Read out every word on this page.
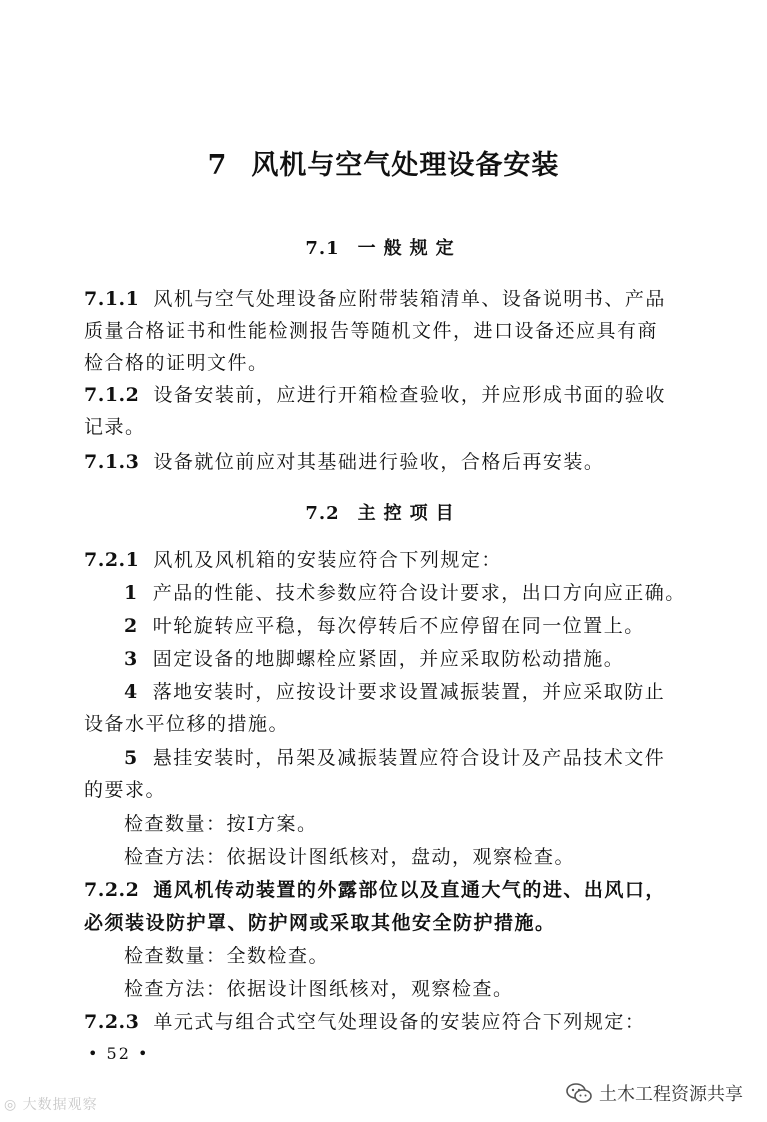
7 风机与空气处理设备安装
7.1 一般规定
7.1.1 风机与空气处理设备应附带装箱清单、设备说明书、产品
质量合格证书和性能检测报告等随机文件，进口设备还应具有商
检合格的证明文件。
7.1.2 设备安装前，应进行开箱检查验收，并应形成书面的验收
记录。
7.1.3 设备就位前应对其基础进行验收，合格后再安装。
7.2 主控项目
7.2.1 风机及风机箱的安装应符合下列规定：
1 产品的性能、技术参数应符合设计要求，出口方向应正确。
2 叶轮旋转应平稳，每次停转后不应停留在同一位置上。
3 固定设备的地脚螺栓应紧固，并应采取防松动措施。
4 落地安装时，应按设计要求设置减振装置，并应采取防止
设备水平位移的措施。
5 悬挂安装时，吊架及减振装置应符合设计及产品技术文件
的要求。
检查数量：按Ⅰ方案。
检查方法：依据设计图纸核对，盘动，观察检查。
7.2.2 通风机传动装置的外露部位以及直通大气的进、出风口，
必须装设防护罩、防护网或采取其他安全防护措施。
检查数量：全数检查。
检查方法：依据设计图纸核对，观察检查。
7.2.3 单元式与组合式空气处理设备的安装应符合下列规定：
• 52 •
◎ 大数据观察	土木工程资源共享
